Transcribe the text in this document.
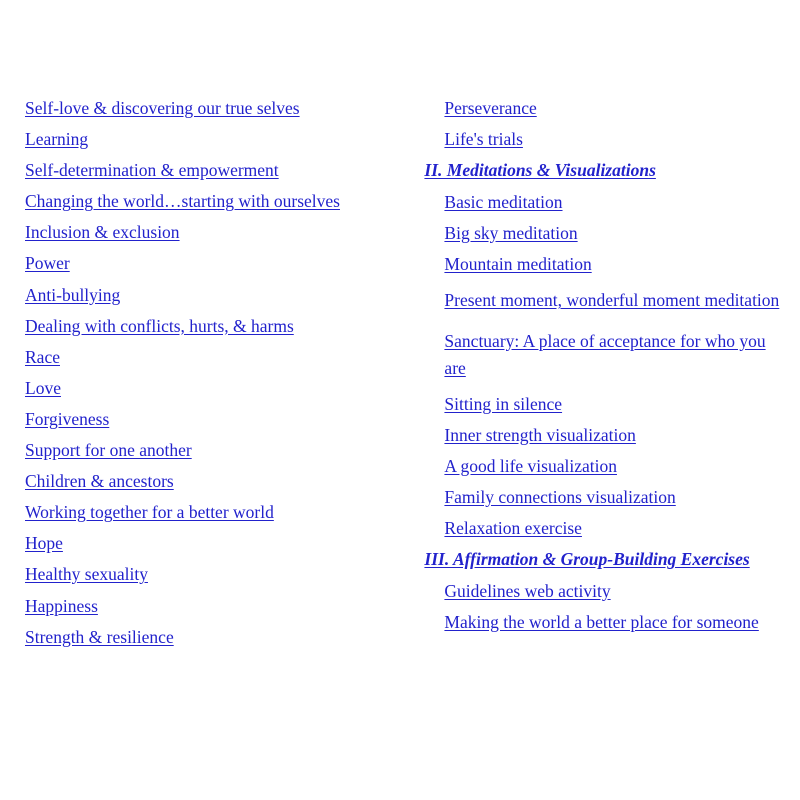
Self-love & discovering our true selves
Learning
Self-determination & empowerment
Changing the world…starting with ourselves
Inclusion & exclusion
Power
Anti-bullying
Dealing with conflicts, hurts, & harms
Race
Love
Forgiveness
Support for one another
Children & ancestors
Working together for a better world
Hope
Healthy sexuality
Happiness
Strength & resilience
Perseverance
Life's trials
II. Meditations & Visualizations
Basic meditation
Big sky meditation
Mountain meditation
Present moment, wonderful moment meditation
Sanctuary: A place of acceptance for who you are
Sitting in silence
Inner strength visualization
A good life visualization
Family connections visualization
Relaxation exercise
III. Affirmation & Group-Building Exercises
Guidelines web activity
Making the world a better place for someone
